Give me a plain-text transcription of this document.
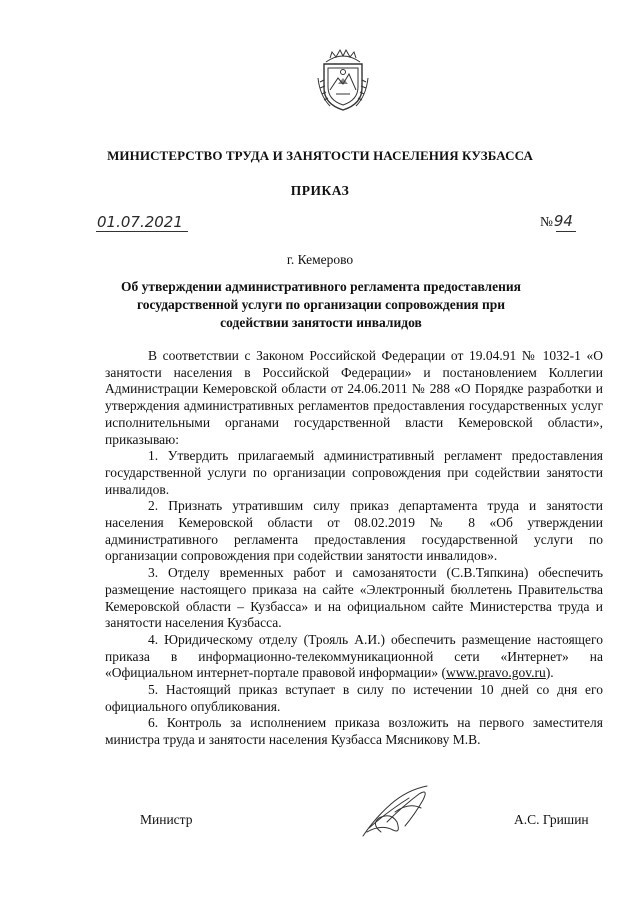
МИНИСТЕРСТВО ТРУДА И ЗАНЯТОСТИ НАСЕЛЕНИЯ КУЗБАССА
ПРИКАЗ
01.07.2021	№94
г. Кемерово
Об утверждении административного регламента предоставления государственной услуги по организации сопровождения при содействии занятости инвалидов

В соответствии с Законом Российской Федерации от 19.04.91 № 1032-1 «О занятости населения в Российской Федерации» и постановлением Коллегии Администрации Кемеровской области от 24.06.2011 № 288 «О Порядке разработки и утверждения административных регламентов предоставления государственных услуг исполнительными органами государственной власти Кемеровской области», приказываю:

1. Утвердить прилагаемый административный регламент предоставления государственной услуги по организации сопровождения при содействии занятости инвалидов.

2. Признать утратившим силу приказ департамента труда и занятости населения Кемеровской области от 08.02.2019 № 8 «Об утверждении административного регламента предоставления государственной услуги по организации сопровождения при содействии занятости инвалидов».

3. Отделу временных работ и самозанятости (С.В.Тяпкина) обеспечить размещение настоящего приказа на сайте «Электронный бюллетень Правительства Кемеровской области – Кузбасса» и на официальном сайте Министерства труда и занятости населения Кузбасса.

4. Юридическому отделу (Трояль А.И.) обеспечить размещение настоящего приказа в информационно-телекоммуникационной сети «Интернет» на «Официальном интернет-портале правовой информации» (www.pravo.gov.ru).

5. Настоящий приказ вступает в силу по истечении 10 дней со дня его официального опубликования.

6. Контроль за исполнением приказа возложить на первого заместителя министра труда и занятости населения Кузбасса Мясникову М.В.

Министр	А.С. Гришин
